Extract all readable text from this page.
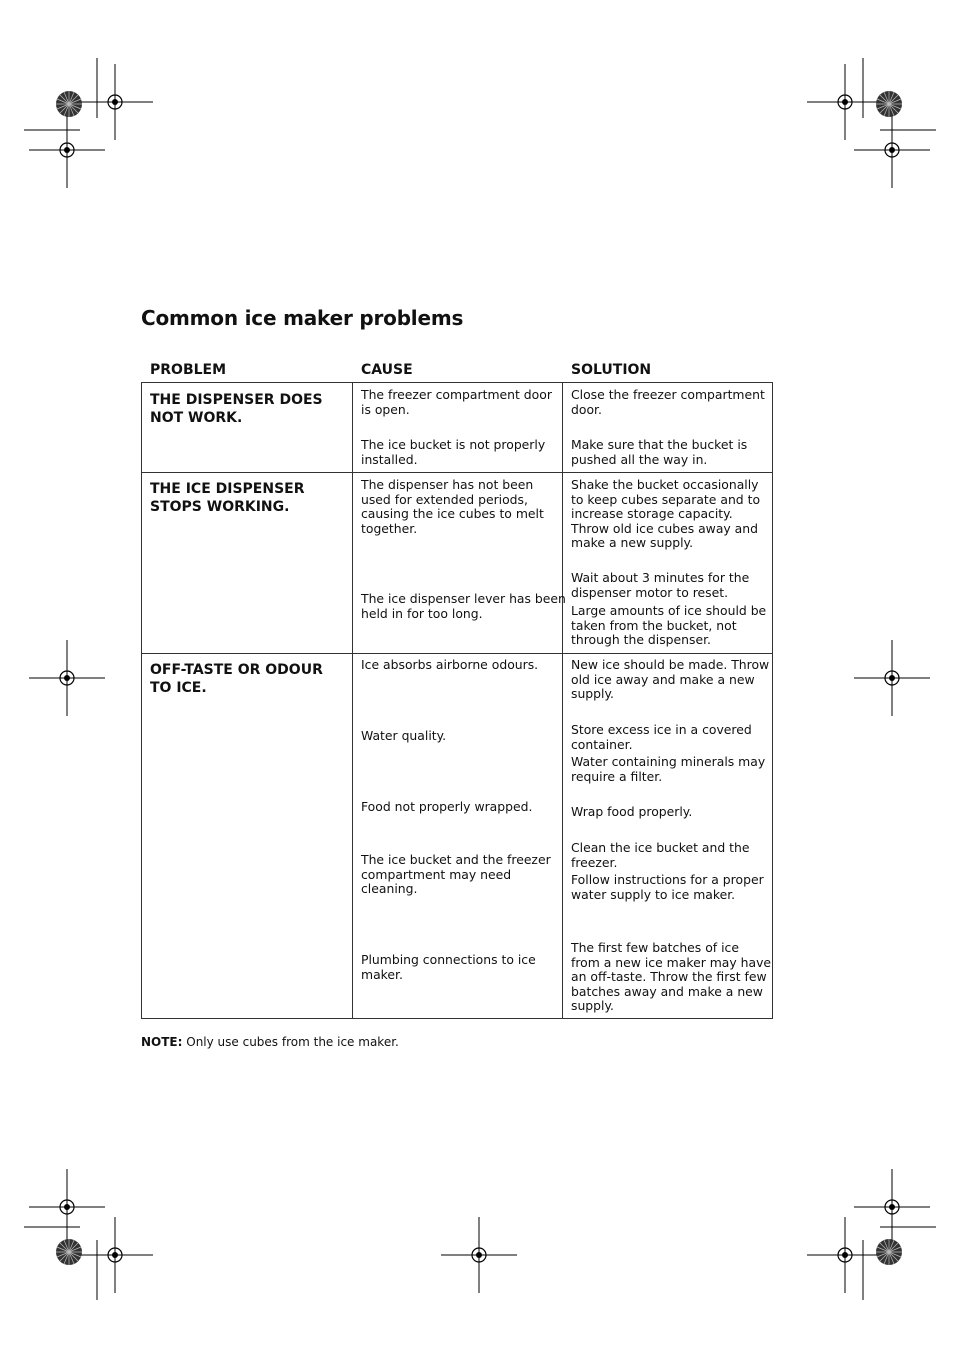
Common ice maker problems
PROBLEM	CAUSE	SOLUTION
THE DISPENSER DOES
NOT WORK.
The freezer compartment door
is open.
The ice bucket is not properly
installed.
Close the freezer compartment
door.
Make sure that the bucket is
pushed all the way in.
THE ICE DISPENSER
STOPS WORKING.
The dispenser has not been
used for extended periods,
causing the ice cubes to melt
together.
The ice dispenser lever has been
held in for too long.
Shake the bucket occasionally
to keep cubes separate and to
increase storage capacity.
Throw old ice cubes away and
make a new supply.
Wait about 3 minutes for the
dispenser motor to reset.
Large amounts of ice should be
taken from the bucket, not
through the dispenser.
OFF-TASTE OR ODOUR
TO ICE.
Ice absorbs airborne odours.
Water quality.
Food not properly wrapped.
The ice bucket and the freezer
compartment may need
cleaning.
Plumbing connections to ice
maker.
New ice should be made. Throw
old ice away and make a new
supply.
Store excess ice in a covered
container.
Water containing minerals may
require a filter.
Wrap food properly.
Clean the ice bucket and the
freezer.
Follow instructions for a proper
water supply to ice maker.
The first few batches of ice
from a new ice maker may have
an off-taste. Throw the first few
batches away and make a new
supply.
NOTE: Only use cubes from the ice maker.
